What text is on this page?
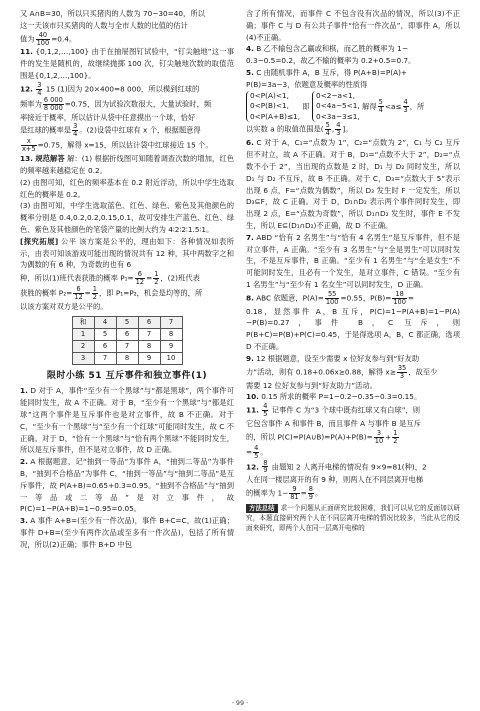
又 A∩B=30，所以只买猪肉的人数为 70−30=40，所以
这一天该市只买猪肉的人数与全市人数的比值的估计
值为 $\frac{40}{100} =0.4$。
11. {0,1,2,…,100} 由于在抽屉图钉试验中，“钉尖触地”这一事件的发生是随机的，故继续抛掷 100 次，钉尖触地次数的取值范围是{0,1,2,…,100}。
12. $\frac{3}{4} 15$ (1)因为 20×400=8 000，所以模到红球的
频率为 $\frac{6 000}{8 000} =0.75$，因为试验次数很大，大量试验时，频
率接近于概率，所以估计从袋中任意摸出一个球，恰好
是红球的概率是 $\frac{3}{4}$ 。(2)设袋中红球有 x 个，根据题意得
$\frac{x}{x+5} =0.75$，解得 x=15，所以估计袋中红球接近 15 个。
13. 规范解答 解：(1) 根据折线图可知随着调查次数的增加，红色的频率越来越稳定在 0.2。
(2) 由图可知，红色的频率基本在 0.2 附近浮动，所以中学生选取红色的概率是 0.2。
(3) 由图可知，中学生选取蓝色、红色、绿色、紫色及其他颜色的概率分别是 0.4,0.2,0.2,0.15,0.1，故可安排生产蓝色、红色、绿色、紫色及其他颜色的笔袋产量的比例大约为 4∶2∶2∶1.5∶1。
[探究拓展] 公平 该方案是公平的，理由如下：各种情况如表所示，由表可知该游戏可能出现的情况共有 12 种，其中两数字之和为偶数的有 6 种，为奇数的也有 6
种，所以(1)班代表获胜的概率 $P_1= \frac{6}{12} = \frac{1}{2}$ ，(2)班代表
获胜的概率 $P_2= \frac{6}{12} = \frac{1}{2}$ ，即 P₁=P₂，机会是均等的，所
以该方案对双方是公平的。
和	4	5	6	7
1	5	6	7	8
2	6	7	8	9
3	7	8	9	10
限时小练 51 互斥事件和独立事件(1)
1. D 对于 A，事件“至少有一个黑球”与“都是黑球”，两个事件可能同时发生，故 A 不正确。对于 B，“至少有一个黑球”与“都是红球”这两个事件是互斥事件也是对立事件，故 B 不正确。对于 C，“至少有一个黑球”与“至少有一个红球”可能同时发生，故 C 不正确。对于 D，“恰有一个黑球”与“恰有两个黑球”不能同时发生，所以是互斥事件，但不是对立事件，故 D 正确。
2. A 根据题意，记“抽到一等品”为事件 A，“抽到二等品”为事件 B，“抽到不合格品”为事件 C，“抽到一等品”与“抽到二等品”是互斥事件，故 P(A+B)=0.65+0.3=0.95。“抽到不合格品”与“抽到一等品或二等品”是对立事件，故 P(C)=1−P(A+B)=1−0.95=0.05。
3. A 事件 A+B=(至少有一件次品)，事件 B+C=C，故(1)正确；事件 D+B=(至少有两件次品或至多有一件次品)，包括了所有情况，所以(2)正确；事件 B+D 中包
含了所有情况，而事件 C 不包含没有次品的情况，所以(3)不正确；事件 C 与 D 有公共子事件“恰有一件次品”，即事件 A，所以(4)不正确。
4. B 乙不输包含乙赢或和棋，而乙胜的概率为 1−
0.3−0.5=0.2，故乙不输的概率为 0.2+0.5=0.7。
5. C 由随机事件 A，B 互斥，得 P(A+B)=P(A)+
P(B)=3a−3，依题意及概率的性质得
0<P(A)<1,
0<P(B)<1,
0<P(A+B)≤1,
即
0<2−a<1,
0<4a−5<1,
0<3a−3≤1,
解得 $\frac{5}{4} <a\le \frac{4}{3}$ ，所
以实数 a 的取值范围是( $\frac{5}{4}$ , $\frac{4}{3}$ ]。
6. C 对于 A，C₁=“点数为 1”，C₂=“点数为 2”，C₁ 与 C₂ 互斥但不对立，故 A 不正确。对于 B，D₁=“点数不大于 2”，D₂=“点数不小于 2”，当出现的点数是 2 时，D₁ 与 D₂ 同时发生，所以 D₁ 与 D₂ 不互斥，故 B 不正确。对于 C，D₃=“点数大于 5”表示出现 6 点，F=“点数为偶数”，所以 D₃ 发生时 F 一定发生，所以 D₃⊆F，故 C 正确。对于 D，D₁∩D₂ 表示两个事件同时发生，即出现 2 点，E=“点数为奇数”，所以 D₁∩D₂ 发生时，事件 E 不发生，所以 E⊆(D₁∩D₂)不正确，故 D 不正确。
7. ABD “恰有 2 名男生”与“恰有 4 名男生”是互斥事件，但不是对立事件，A 正确。“至少有 3 名男生”与“全是男生”可以同时发生，不是互斥事件，B 正确。“至少有 1 名男生”与“全是女生”不可能同时发生，且必有一个发生，是对立事件，C 错误。“至少有 1 名男生”与“至少有 1 名女生”可以同时发生，D 正确。
8. ABC 依题意，$P(A)= \frac{55}{100} =0.55$，$P(B)= \frac{18}{100}$ =
0.18，显然事件 A，B 互斥，P(C)=1−P(A+B)=1−P(A)−P(B)=0.27，事件 B，C 互斥，则 P(B+C)=P(B)+P(C)=0.45，于是得选项 A，B，C 都正确，选项 D 不正确。
9. 12 根据题意，设至少需要 x 位好友参与到“好友助
力”活动，则有 0.18+0.06x≥0.88，解得 $x\ge \frac{35}{3}$ ，故至少
需要 12 位好友参与到“好友助力”活动。
10. 0.15 所求的概率 P=1−0.2−0.35−0.3=0.15。
11. $\frac{4}{5}$ 记事件 C 为“3 个球中既有红球又有白球”，则
它包含事件 A 和事件 B，而且事件 A 与事件 B 是互斥
的，所以 P(C)=P(A∪B)=P(A)+P(B)= $\frac{3}{10} + \frac{1}{2}$
= $\frac{4}{5}$ 。
12. $\frac{8}{9}$ 由题知 2 人离开电梯的情况有 9×9=81(种)，2
人在同一楼层离开的有 9 种，则两人在不同层离开电梯
的概率为 $1- \frac{9}{81} = \frac{8}{9}$ 。
方法总结 求一个问题从正面研究比较困难，我们可以从它的反面加以研究，本题直接研究两个人在不同层离开电梯的情况比较多，当此从它的反面来研究，即两个人在同一层离开电梯的
· 99 ·
